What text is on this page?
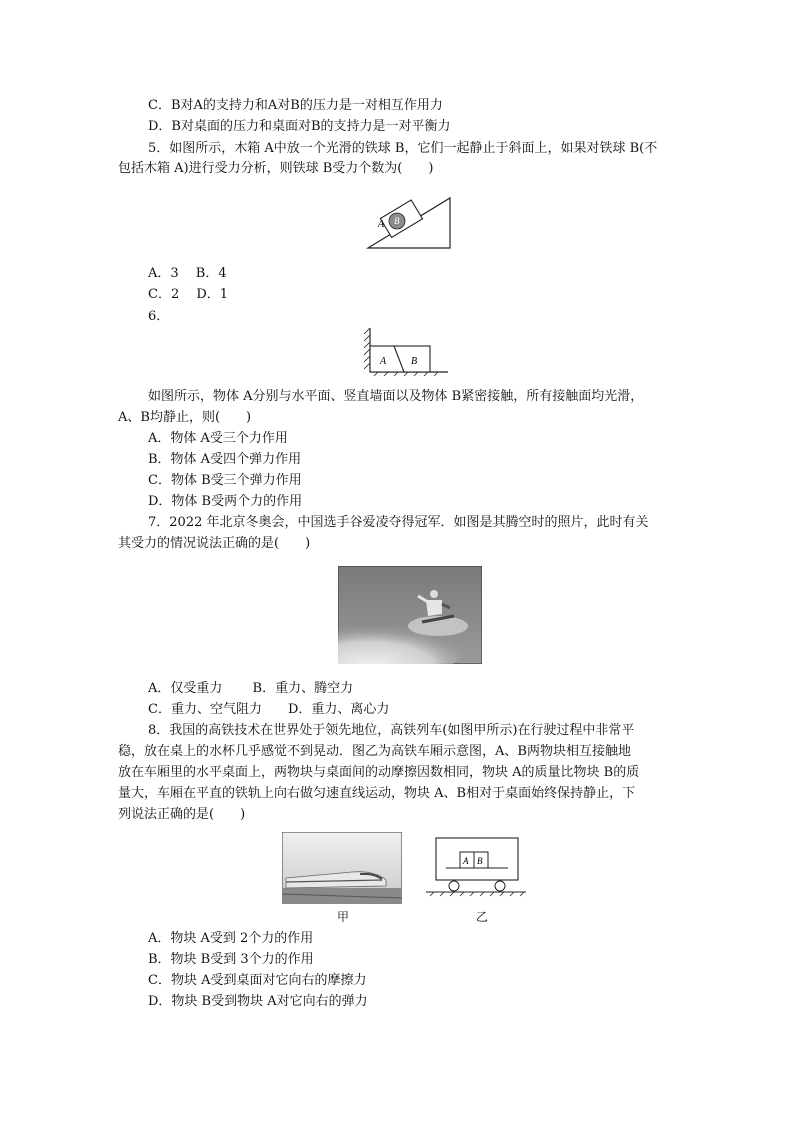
C．B对A的支持力和A对B的压力是一对相互作用力
D．B对桌面的压力和桌面对B的支持力是一对平衡力
5．如图所示，木箱 A中放一个光滑的铁球 B，它们一起静止于斜面上，如果对铁球 B(不
包括木箱 A)进行受力分析，则铁球 B受力个数为(　　)
A B
A．3　 B．4
C．2　 D．1
6．
A B
如图所示，物体 A分别与水平面、竖直墙面以及物体 B紧密接触，所有接触面均光滑，
A、B均静止，则(　　)
A．物体 A受三个力作用
B．物体 A受四个弹力作用
C．物体 B受三个弹力作用
D．物体 B受两个力的作用
7．2022 年北京冬奥会，中国选手谷爱凌夺得冠军．如图是其腾空时的照片，此时有关
其受力的情况说法正确的是(　　)
A．仅受重力　　 B．重力、腾空力
C．重力、空气阻力　　D．重力、离心力
8．我国的高铁技术在世界处于领先地位，高铁列车(如图甲所示)在行驶过程中非常平
稳，放在桌上的水杯几乎感觉不到晃动．图乙为高铁车厢示意图，A、B两物块相互接触地
放在车厢里的水平桌面上，两物块与桌面间的动摩擦因数相同，物块 A的质量比物块 B的质
量大，车厢在平直的铁轨上向右做匀速直线运动，物块 A、B相对于桌面始终保持静止，下
列说法正确的是(　　)
甲
A B
乙
A．物块 A受到 2个力的作用
B．物块 B受到 3个力的作用
C．物块 A受到桌面对它向右的摩擦力
D．物块 B受到物块 A对它向右的弹力
